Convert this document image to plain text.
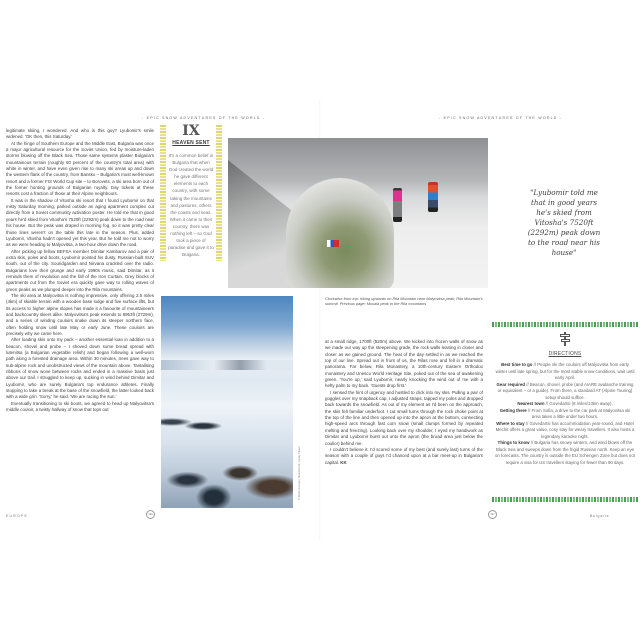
- EPIC SNOW ADVENTURES OF THE WORLD -	- EPIC SNOW ADVENTURES OF THE WORLD -

legitimate skiing, I wondered. And who is this guy? Lyubomir's smile widened. 'OK then, this Saturday.'

At the hinge of Southern Europe and the Middle East, Bulgaria was once a major agricultural resource for the Soviet Union, fed by moisture-laden storms blowing off the Black Sea. Those same systems plaster Bulgaria's mountainous terrain (roughly 60 percent of the country's total area) with white in winter, and have even given rise to many ski areas up and down the western flank of the country, from Bansko – Bulgaria's most well-known resort and a former FIS World Cup site – to Borovets, a ski area born out of the former hunting grounds of Bulgarian royalty. Day tickets at these resorts cost a fraction of those at their Alpine neighbours.

It was in the shadow of Vitosha ski resort that I found Lyubomir on that misty Saturday morning, parked outside an aging apartment complex cut directly from a Soviet community activation poster. He told me that in good years he'd skied from Vitosha's 7520ft (2292m) peak down to the road near his house. But the peak was draped in morning fog, so it was pretty clear those lines weren't on the table this late in the season. Plus, added Lyubomir, Vitosha hadn't opened yet this year. But he told me not to worry as we were heading to Malyovitsa, a two-hour drive down the road.

After picking up fellow BEFSA member Dimitar Kambarov and a pair of extra skis, poles and boots, Lyubomir pointed his dusty, Russian-built SUV south, out of the city. Soundgarden and Nirvana crackled over the radio. Bulgarians love their grunge and early 1990s music, said Dimitar, as it reminds them of revolution and the fall of the Iron Curtain. Grey blocks of apartments cut from the Soviet era quickly gave way to rolling waves of green peaks as we plunged deeper into the Rila mountains.

The ski area at Malyovitsa is nothing impressive, only offering 2.5 miles (4km) of skiable terrain with a wooden base lodge and five surface lifts, but its access to higher alpine slopes has made it a favourite of mountaineers and backcountry skiers alike. Malyovitsa's peak extends to 8953ft (2729m), and a series of winding couloirs snake down its steeper northern face, often holding snow until late May or early June. These couloirs are precisely why we came here.

After loading skis onto my pack – another essential loan in addition to a beacon, shovel and probe – I shoved down some bread spread with lutenitsa (a Bulgarian vegetable relish) and began following a well-worn path along a forested drainage area. Within 30 minutes, trees gave way to sub-alpine rock and unobstructed views of the mountain above. Tantalising ribbons of snow wove between rocks and ended in a massive basin just above our trail. I struggled to keep up, sucking in wind behind Dimitar and Lyubomir, who are surely Bulgaria's top endurance athletes. Finally stopping to take a break at the base of the snowfield, the latter looked back with a wide grin. 'Sorry,' he said. 'We are racing the sun.'

Eventually transitioning to ski boots, we agreed to head up Malyovitsa's middle couloir, a twisty hallway of snow that tops out

IX
HEAVEN SENT
It's a common belief in Bulgaria that when God created the world he gave different elements to each country, with some taking the mountains and pastures, others the coasts and seas. When it came to their country, there was nothing left – so God took a piece of paradise and gave it to Bulgaria.
© Zlatko Kostyan | Shutterstock; Lonely Planet
Clockwise from top: hiking upwards on Rila Mountain near Malyovitsa peak; Rila Mountain's summit. Previous page: Musala peak in the Rila mountains

at a small ridge, 1700ft (520m) above. We kicked into frozen walls of snow as we made our way up the steepening grade, the rock walls leaning in closer and closer as we gained ground. The heat of the day settled in as we reached the top of our line. Spread out in front of us, the Rilas rose and fell in a dramatic panorama. Far below, Rila Monastery, a 10th-century Eastern Orthodox monastery and Unesco World Heritage Site, poked out of the sea of awakening green. 'You're up,' said Lyubomir, nearly knocking the wind out of me with a hefty palm to my back. 'Guests drop first.'

I sensed the hint of urgency and hustled to click into my skis. Pulling a pair of goggles over my snapback cap, I adjusted straps, tapped my poles and dropped back towards the snowfield. As out of my element as I'd been on the approach, the skis felt familiar underfoot. I cut small turns through the rock choke point at the top of the line and then opened up into the apron at the bottom, connecting high-speed arcs through fast corn snow (small clumps formed by repeated melting and freezing). Looking back over my shoulder, I eyed my handiwork as Dimitar and Lyubomir burst out onto the apron (the broad area just below the coulior) behind me.

I couldn't believe it. I'd scored some of my best (and surely last) turns of the season with a couple of guys I'd chanced upon at a bar meet-up in Bulgaria's capital. KK

"Lyubomir told me that in good years he's skied from Vitosha's 7520ft (2292m) peak down to the road near his house"
DIRECTIONS
Best time to go // People ski the couloirs off Malyovitsa from early winter until late spring, but for the most stable snow conditions, wait until early April.
Gear required // Beacon, shovel, probe (and AIARE avalanche training or equivalent – or a guide). From there, a standard AT (Alpine Touring) setup should suffice.
Nearest town // Govedartsi (8 miles/13km away).
Getting there // From Sofia, a drive to the car park at Malyovitsa ski area takes a little under two hours.
Where to stay // Govedartsi has accommodation year-round, and Hotel Mechit offers a great value, cosy stay for weary travellers. It also hosts a legendary karaoke night.
Things to know // Bulgaria has snowy winters, and wind blows off the Black Sea and sweeps down from the frigid Russian north. Keep an eye on forecasts. The country is outside the EU Schengen Zone but does not require a visa for US travellers staying for fewer than 90 days.
EUROPE	196	197	Bulgaria
